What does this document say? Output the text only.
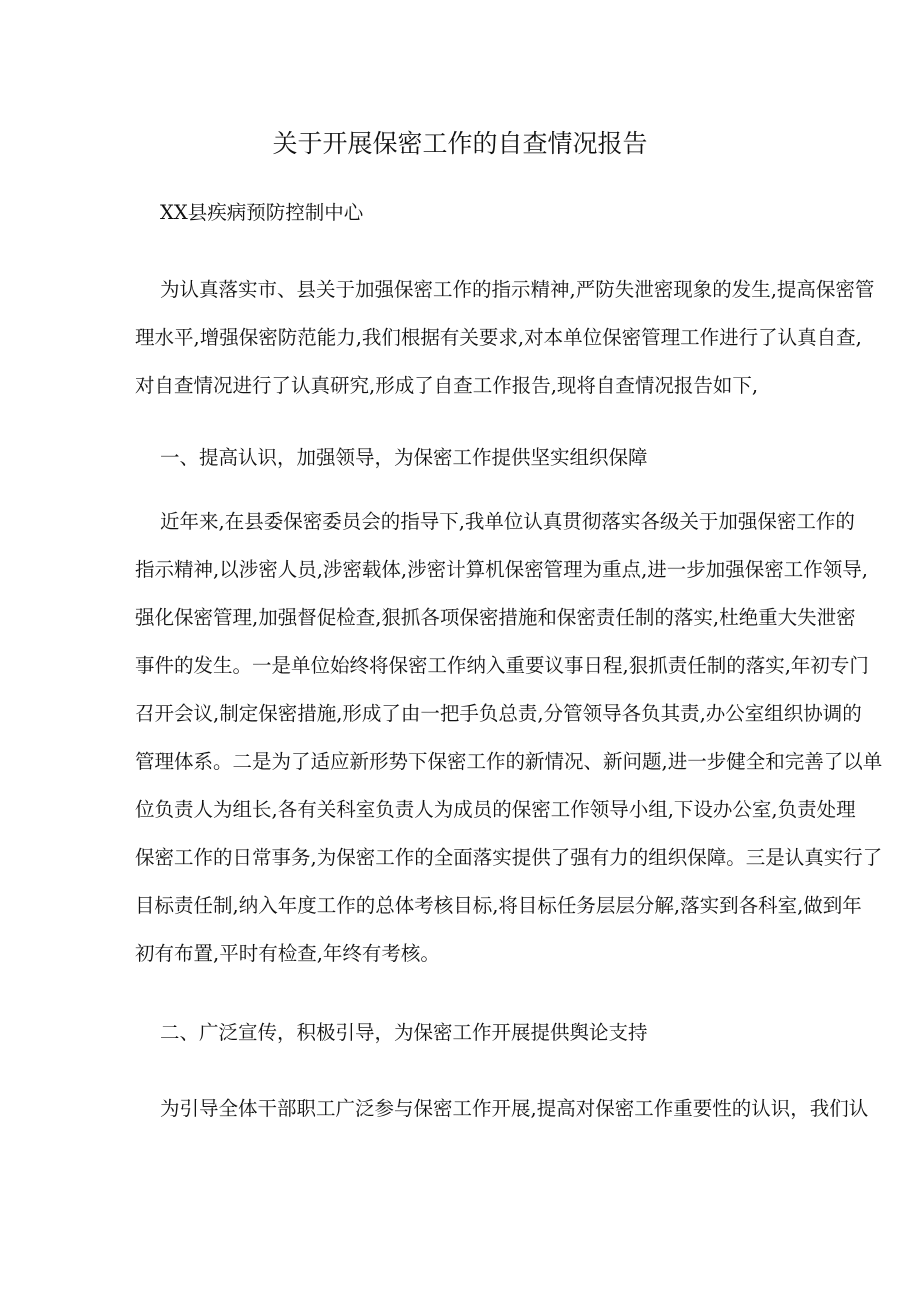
关于开展保密工作的自查情况报告
XX县疾病预防控制中心
为认真落实市、县关于加强保密工作的指示精神,严防失泄密现象的发生,提高保密管
理水平,增强保密防范能力,我们根据有关要求,对本单位保密管理工作进行了认真自查,
对自查情况进行了认真研究,形成了自查工作报告,现将自查情况报告如下,
一、提高认识，加强领导，为保密工作提供坚实组织保障
近年来,在县委保密委员会的指导下,我单位认真贯彻落实各级关于加强保密工作的
指示精神,以涉密人员,涉密载体,涉密计算机保密管理为重点,进一步加强保密工作领导,
强化保密管理,加强督促检查,狠抓各项保密措施和保密责任制的落实,杜绝重大失泄密
事件的发生。一是单位始终将保密工作纳入重要议事日程,狠抓责任制的落实,年初专门
召开会议,制定保密措施,形成了由一把手负总责,分管领导各负其责,办公室组织协调的
管理体系。二是为了适应新形势下保密工作的新情况、新问题,进一步健全和完善了以单
位负责人为组长,各有关科室负责人为成员的保密工作领导小组,下设办公室,负责处理
保密工作的日常事务,为保密工作的全面落实提供了强有力的组织保障。三是认真实行了
目标责任制,纳入年度工作的总体考核目标,将目标任务层层分解,落实到各科室,做到年
初有布置,平时有检查,年终有考核。
二、广泛宣传，积极引导，为保密工作开展提供舆论支持
为引导全体干部职工广泛参与保密工作开展,提高对保密工作重要性的认识，我们认
